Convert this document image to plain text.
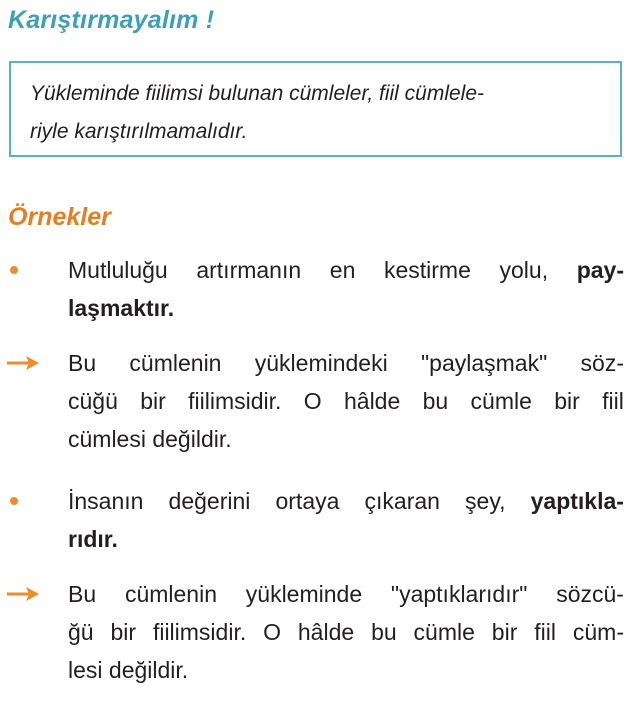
Karıştırmayalım !
Yükleminde fiilimsi bulunan cümleler, fiil cümlele-
riyle karıştırılmamalıdır.
Örnekler
Mutluluğu artırmanın en kestirme yolu, pay-
laşmaktır.
Bu cümlenin yüklemindeki "paylaşmak" söz-
cüğü bir fiilimsidir. O hâlde bu cümle bir fiil
cümlesi değildir.
İnsanın değerini ortaya çıkaran şey, yaptıkla-
rıdır.
Bu cümlenin yükleminde "yaptıklarıdır" sözcü-
ğü bir fiilimsidir. O hâlde bu cümle bir fiil cüm-
lesi değildir.
